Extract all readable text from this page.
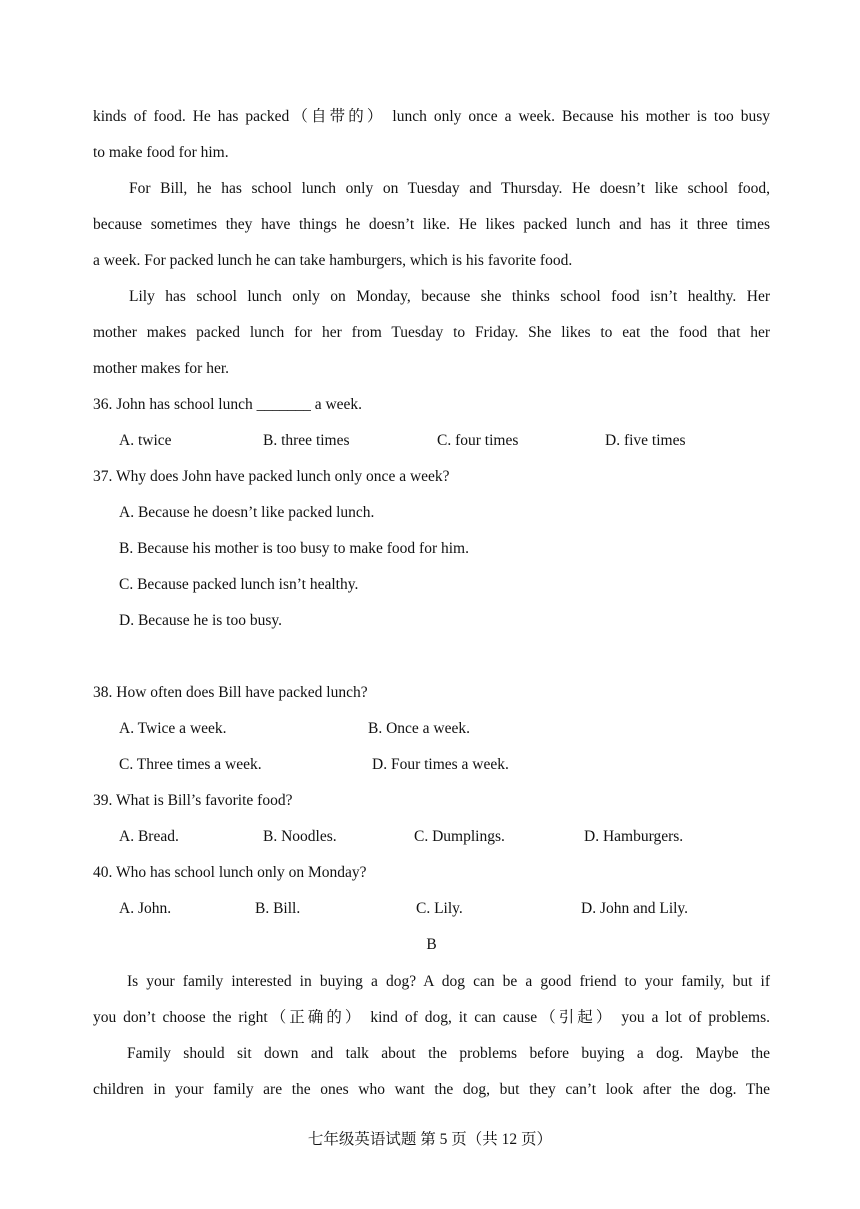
kinds of food. He has packed（自带的） lunch only once a week. Because his mother is too busy

to make food for him.

For Bill, he has school lunch only on Tuesday and Thursday. He doesn’t like school food,

because sometimes they have things he doesn’t like. He likes packed lunch and has it three times

a week. For packed lunch he can take hamburgers, which is his favorite food.

Lily has school lunch only on Monday, because she thinks school food isn’t healthy. Her

mother makes packed lunch for her from Tuesday to Friday. She likes to eat the food that her

mother makes for her.

36. John has school lunch _______ a week.

A. twice	B. three times	C. four times	D. five times

37. Why does John have packed lunch only once a week?

A. Because he doesn’t like packed lunch.
B. Because his mother is too busy to make food for him.
C. Because packed lunch isn’t healthy.
D. Because he is too busy.

38. How often does Bill have packed lunch?

A. Twice a week.	B. Once a week.
C. Three times a week.	D. Four times a week.

39. What is Bill’s favorite food?

A. Bread.	B. Noodles.	C. Dumplings.	D. Hamburgers.

40. Who has school lunch only on Monday?

A. John.	B. Bill.	C. Lily.	D. John and Lily.

B

Is your family interested in buying a dog? A dog can be a good friend to your family, but if

you don’t choose the right（正确的） kind of dog, it can cause（引起） you a lot of problems.

Family should sit down and talk about the problems before buying a dog. Maybe the

children in your family are the ones who want the dog, but they can’t look after the dog. The

七年级英语试题 第 5 页（共 12 页）
